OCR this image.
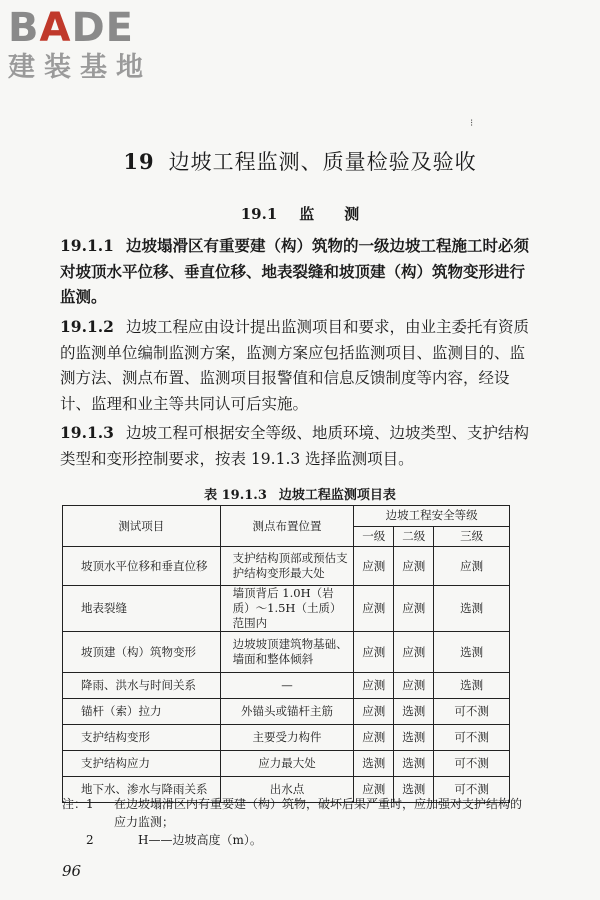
BADE
建装基地
⁝
19 边坡工程监测、质量检验及验收
19.1 监　　测

19.1.1 边坡塌滑区有重要建（构）筑物的一级边坡工程施工时必须对坡顶水平位移、垂直位移、地表裂缝和坡顶建（构）筑物变形进行监测。

19.1.2 边坡工程应由设计提出监测项目和要求，由业主委托有资质的监测单位编制监测方案，监测方案应包括监测项目、监测目的、监测方法、测点布置、监测项目报警值和信息反馈制度等内容，经设计、监理和业主等共同认可后实施。

19.1.3 边坡工程可根据安全等级、地质环境、边坡类型、支护结构类型和变形控制要求，按表 19.1.3 选择监测项目。

表 19.1.3 边坡工程监测项目表
测试项目	测点布置位置	边坡工程安全等级		
		一级	二级	三级
坡顶水平位移和垂直位移	支护结构顶部或预估支护结构变形最大处	应测	应测	应测
地表裂缝	墙顶背后 1.0H（岩质）～1.5H（土质）范围内	应测	应测	选测
坡顶建（构）筑物变形	边坡坡顶建筑物基础、墙面和整体倾斜	应测	应测	选测
降雨、洪水与时间关系	—	应测	应测	选测
锚杆（索）拉力	外锚头或锚杆主筋	应测	选测	可不测
支护结构变形	主要受力构件	应测	选测	可不测
支护结构应力	应力最大处	选测	选测	可不测
地下水、渗水与降雨关系	出水点	应测	选测	可不测
注：1	在边坡塌滑区内有重要建（构）筑物，破坏后果严重时，应加强对支护结构的应力监测；
2	H——边坡高度（m）。
96
